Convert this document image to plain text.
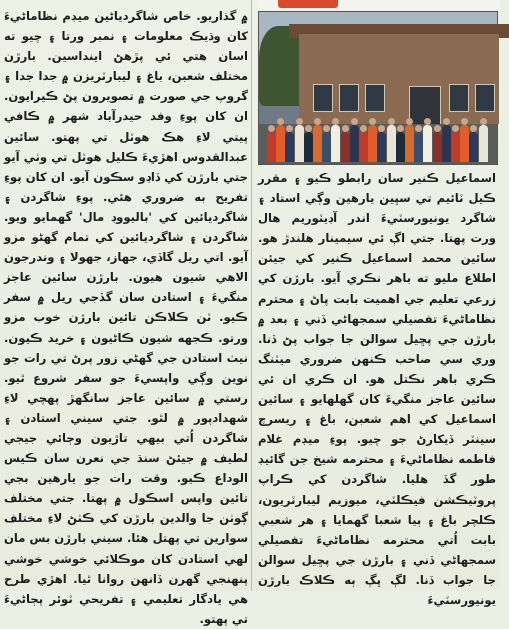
۾ گذاريو. خاص شاگردياڻين ميڊم نظاماڻيءَ کان وڌيڪ معلومات ۽ نمبر ورتا ۽ چيو ته اسان هتي ئي پڙهڻ اينداسين. بارڙن مختلف شعبن، باغ ۽ ليبارٽريزن ۾ جدا جدا ۽ گروپ جي صورت ۾ تصويرون پڻ ڪيرايون. ان کان پوءِ وفد حيدرآباد شهر ۾ ڪافي پيتي لاءِ هڪ هوٽل تي پهتو. سائين عبدالقدوس اهڙيءَ ڪليل هوٽل تي وٺي آيو جتي بارڙن کي ڏاڍو سڪون آيو. ان کان پوءِ تفريح به ضروري هئي. پوءِ شاگردن ۽ شاگرديائين کي 'باليووڊ مال' گهمايو ويو. شاگردن ۽ شاگرديائين کي تمام گهڻو مزو آيو. اتي ريل گاڏي، جهاز، جهولا ۽ وندرجون الاهي شيون هيون. بارڙن سائين عاجز منگيءَ ۽ استادن سان گڏجي ريل ۾ سفر ڪيو. ٽن ڪلاڪن تائين بارڙن خوب مزو ورتو. ڪجهه شيون ڪاڻيون ۽ خريد ڪيون. نيٺ استادن جي گهڻي زور پرڻ تي رات جو نوين وڳي واپسيءَ جو سفر شروع ٿيو. رستي ۾ سائين عاجز سانگهڙ پهچي لاءِ شهدادپور ۾ لٿو. جتي سيني استادن ۽ شاگردن اُتي بيهي تاڙيون وڄائي جيجي لطيف ۾ جيئڻ سنڌ جي نعرن سان ڪيس الوداع ڪيو. وقت رات جو يارهين بجي تائين واپس اسڪول ۾ پهتا. جتي مختلف ڳوٺن جا والدين بارڙن کي ڪٺڻ لاءِ مختلف سوارين تي پهتل هئا. سيني بارڙن بس مان لهي استادن کان موڪلائي خوشي خوشي پنهنجي گهرن ڏانهن روانا ٿيا. اهڙي طرح هي يادگار تعليمي ۽ تفريحي ٽوئر پڄاڻيءَ تي پهتو.

اسماعيل ڪنير سان رابطو ڪيو ۽ مقرر ڪيل ٽائيم تي سڀين يارهين وڳي استاد ۽ شاگرد يونيورسٽيءَ اندر آڊيٽوريم هال ورت پهتا. جتي اڳ ئي سيمينار هلندڙ هو. سائين محمد اسماعيل ڪنير کي جيئن اطلاع مليو ته باهر نڪري آيو. بارڙن کي زرعي تعليم جي اهميت بابت پاڻ ۽ محترم نظاماڻيءَ تفصيلي سمجهاڻي ڏني ۽ بعد ۾ بارڙن جي پڇيل سوالن جا جواب پڻ ڏنا. وري سي صاحب ڪنهن ضروري ميٽنگ ڪري باهر نڪتل هو. ان ڪري ان ئي سائين عاجز منگيءَ کان گهلهايو ۽ سائين اسماعيل کي اهم شعبن، باغ ۽ ريسرچ سينٽر ڏيکارڻ جو چيو. پوءِ ميڊم غلام فاطمه نظاماڻيءَ ۽ محترمه شيخ جن گائيڊ طور گڏ هليا. شاگردن کي ڪراپ پروٽيڪشن فيڪلٽي، ميوزيم ليبارٽريون، ڪلچر باغ ۽ ٻيا شعبا گهمايا ۽ هر شعبي بابت اُتي محترمه نظاماڻيءَ تفصيلي سمجهاڻي ڏني ۽ بارڙن جي پڇيل سوالن جا جواب ڏنا. لڳ ڀڳ ٻه ڪلاڪ بارڙن يونيورسٽيءَ
